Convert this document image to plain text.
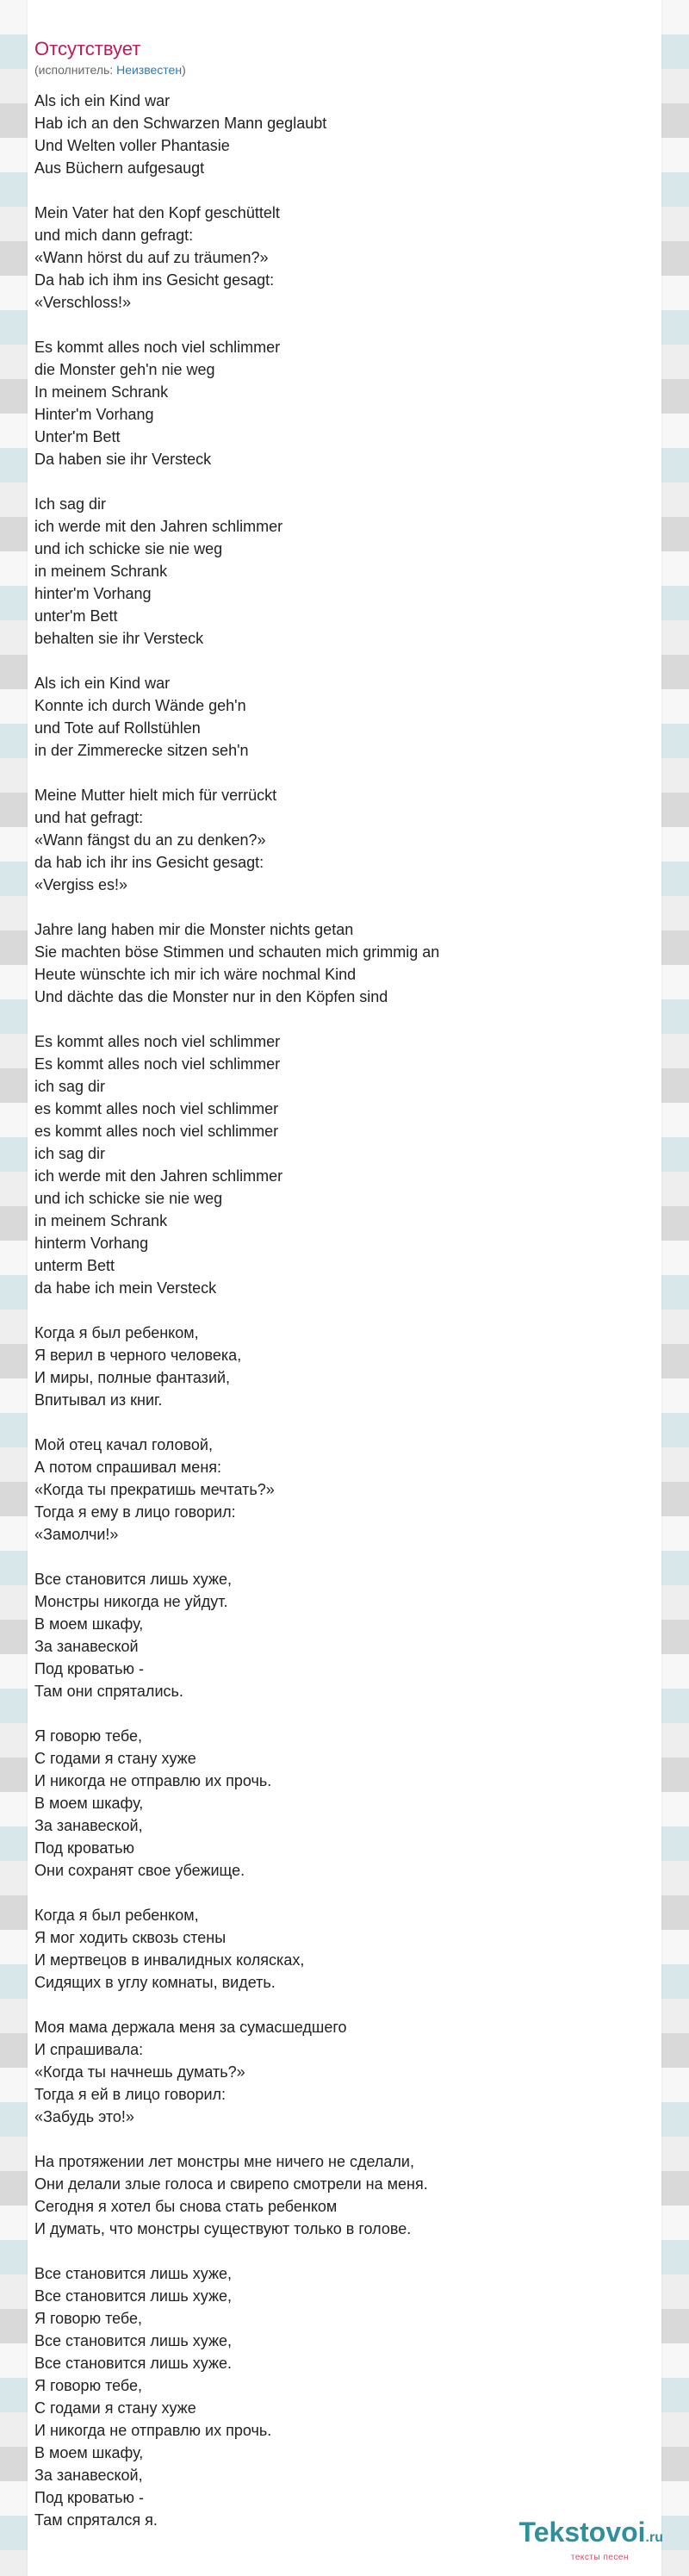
Отсутствует
(исполнитель: Неизвестен)
Als ich ein Kind war
Hab ich an den Schwarzen Mann geglaubt
Und Welten voller Phantasie
Aus Büchern aufgesaugt
Mein Vater hat den Kopf geschüttelt
und mich dann gefragt:
«Wann hörst du auf zu träumen?»
Da hab ich ihm ins Gesicht gesagt:
«Verschloss!»
Es kommt alles noch viel schlimmer
die Monster geh'n nie weg
In meinem Schrank
Hinter'm Vorhang
Unter'm Bett
Da haben sie ihr Versteck
Ich sag dir
ich werde mit den Jahren schlimmer
und ich schicke sie nie weg
in meinem Schrank
hinter'm Vorhang
unter'm Bett
behalten sie ihr Versteck
Als ich ein Kind war
Konnte ich durch Wände geh'n
und Tote auf Rollstühlen
in der Zimmerecke sitzen seh'n
Meine Mutter hielt mich für verrückt
und hat gefragt:
«Wann fängst du an zu denken?»
da hab ich ihr ins Gesicht gesagt:
«Vergiss es!»
Jahre lang haben mir die Monster nichts getan
Sie machten böse Stimmen und schauten mich grimmig an
Heute wünschte ich mir ich wäre nochmal Kind
Und dächte das die Monster nur in den Köpfen sind
Es kommt alles noch viel schlimmer
Es kommt alles noch viel schlimmer
ich sag dir
es kommt alles noch viel schlimmer
es kommt alles noch viel schlimmer
ich sag dir
ich werde mit den Jahren schlimmer
und ich schicke sie nie weg
in meinem Schrank
hinterm Vorhang
unterm Bett
da habe ich mein Versteck
Когда я был ребенком,
Я верил в черного человека,
И миры, полные фантазий,
Впитывал из книг.
Мой отец качал головой,
А потом спрашивал меня:
«Когда ты прекратишь мечтать?»
Тогда я ему в лицо говорил:
«Замолчи!»
Все становится лишь хуже,
Монстры никогда не уйдут.
В моем шкафу,
За занавеской
Под кроватью -
Там они спрятались.
Я говорю тебе,
С годами я стану хуже
И никогда не отправлю их прочь.
В моем шкафу,
За занавеской,
Под кроватью
Они сохранят свое убежище.
Когда я был ребенком,
Я мог ходить сквозь стены
И мертвецов в инвалидных колясках,
Сидящих в углу комнаты, видеть.
Моя мама держала меня за сумасшедшего
И спрашивала:
«Когда ты начнешь думать?»
Тогда я ей в лицо говорил:
«Забудь это!»
На протяжении лет монстры мне ничего не сделали,
Они делали злые голоса и свирепо смотрели на меня.
Сегодня я хотел бы снова стать ребенком
И думать, что монстры существуют только в голове.
Все становится лишь хуже,
Все становится лишь хуже,
Я говорю тебе,
Все становится лишь хуже,
Все становится лишь хуже.
Я говорю тебе,
С годами я стану хуже
И никогда не отправлю их прочь.
В моем шкафу,
За занавеской,
Под кроватью -
Там спрятался я.	Tekstovoi.ru
тексты песен
